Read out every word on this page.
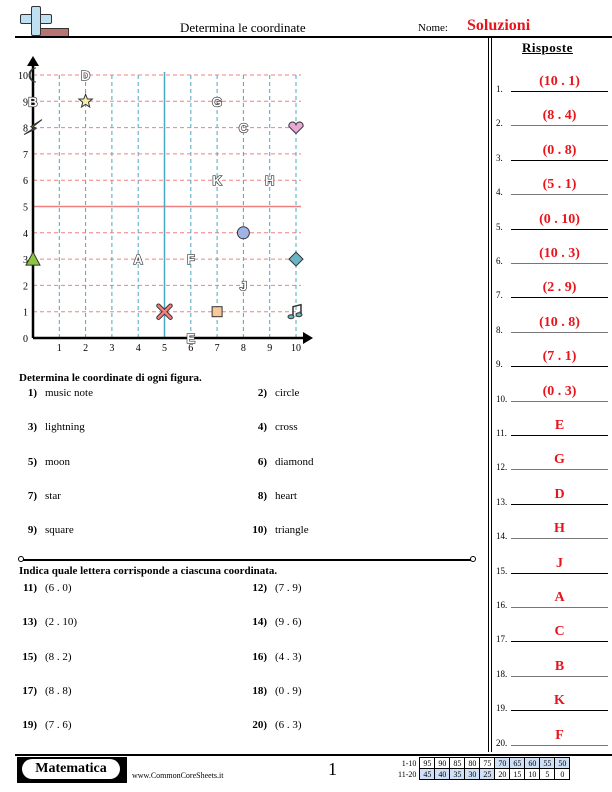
Determina le coordinate	Nome: Soluzioni
Risposte
1 2 3 4 5 6 7 8 9 10
0
1
2
3
4
5
6
7
8
9
10
A
B
C
D
E
F
G
H
J
K
Determina le coordinate di ogni figura.
1) music note	2) circle
3) lightning	4) cross
5) moon	6) diamond
7) star	8) heart
9) square	10) triangle
Indica quale lettera corrisponde a ciascuna coordinata.
11) (6 . 0)	12) (7 . 9)
13) (2 . 10)	14) (9 . 6)
15) (8 . 2)	16) (4 . 3)
17) (8 . 8)	18) (0 . 9)
19) (7 . 6)	20) (6 . 3)
1.	(10 . 1)
2.	(8 . 4)
3.	(0 . 8)
4.	(5 . 1)
5.	(0 . 10)
6.	(10 . 3)
7.	(2 . 9)
8.	(10 . 8)
9.	(7 . 1)
10.	(0 . 3)
11.	E
12.	G
13.	D
14.	H
15.	J
16.	A
17.	C
18.	B
19.	K
20.	F
Matematica	www.CommonCoreSheets.it	1	1-10	95	90	85	80	75	70	65	60	55	50
11-20	45	40	35	30	25	20	15	10	5	0
